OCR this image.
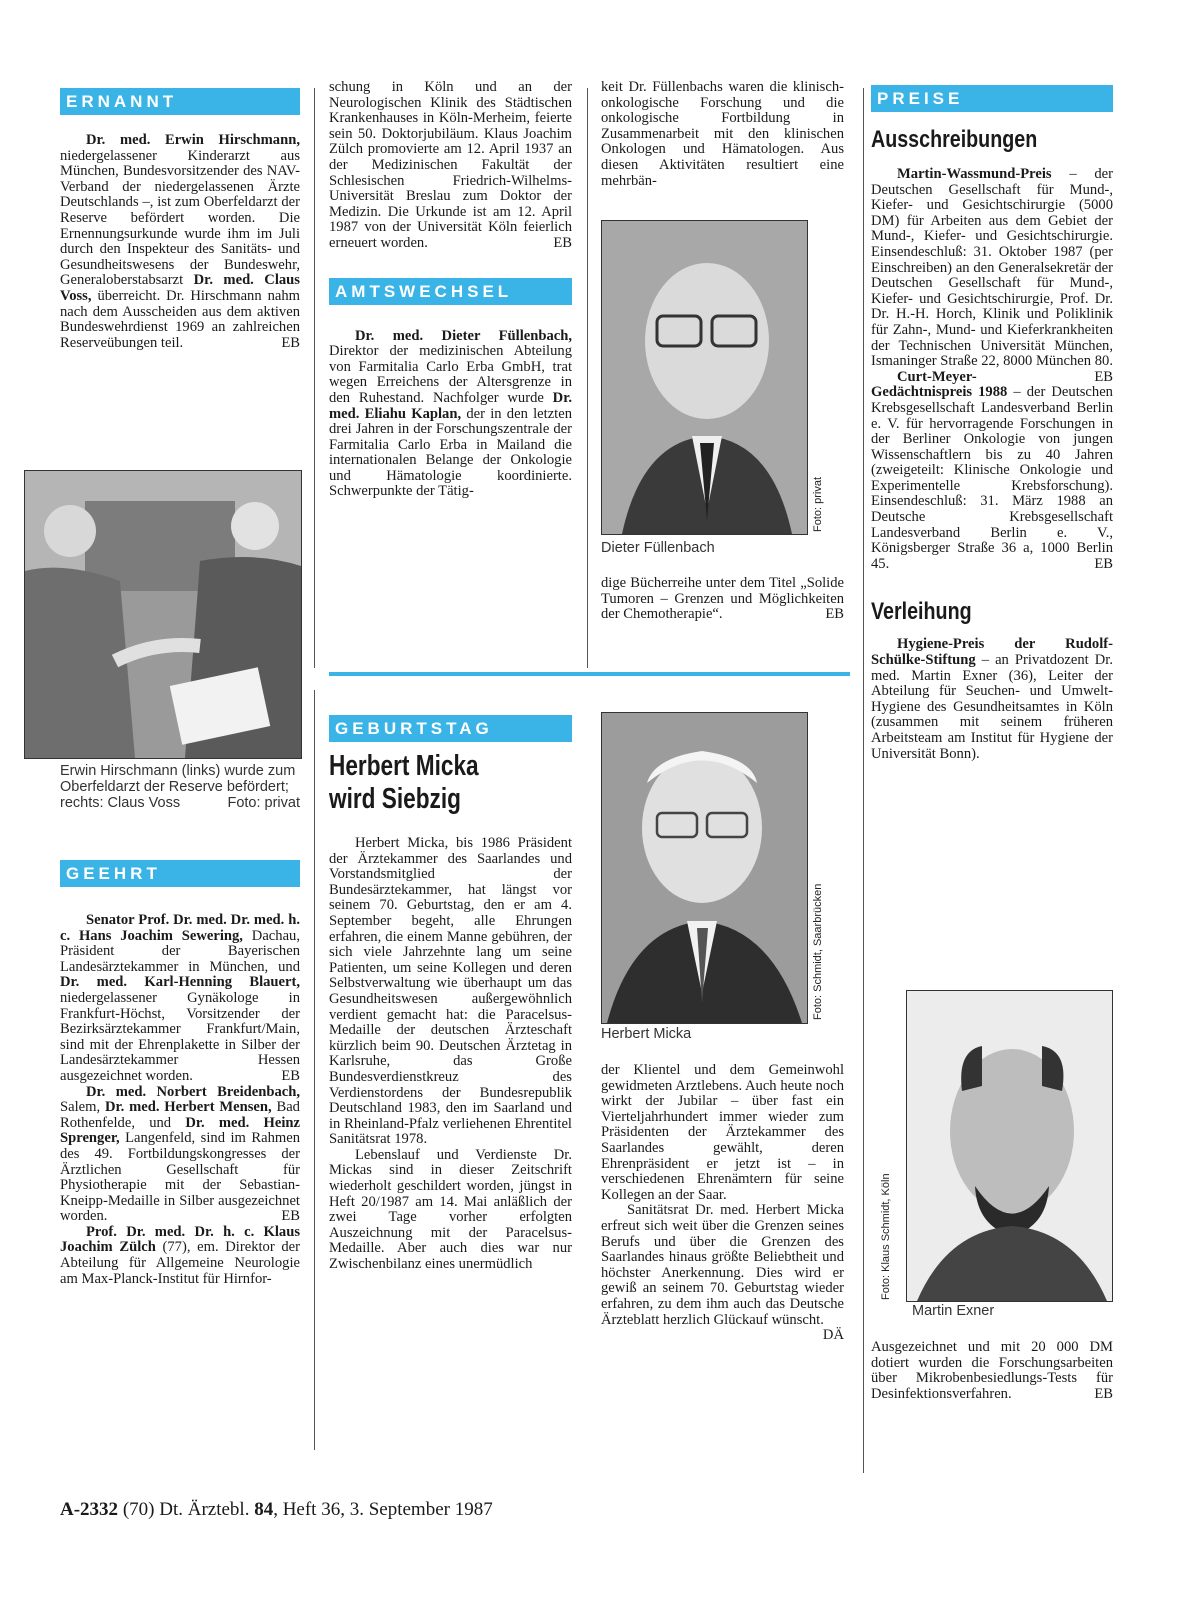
ERNANNT

Dr. med. Erwin Hirschmann, niedergelassener Kinderarzt aus München, Bundesvorsitzender des NAV-Verband der niedergelassenen Ärzte Deutschlands –, ist zum Oberfeldarzt der Reserve befördert worden. Die Ernennungsurkunde wurde ihm im Juli durch den Inspekteur des Sanitäts- und Gesundheitswesens der Bundeswehr, Generaloberstabsarzt Dr. med. Claus Voss, überreicht. Dr. Hirschmann nahm nach dem Ausscheiden aus dem aktiven Bundeswehrdienst 1969 an zahlreichen Reserveübungen teil.	EB

Erwin Hirschmann (links) wurde zum Oberfeldarzt der Reserve befördert; rechts: Claus Voss	Foto: privat
GEEHRT

Senator Prof. Dr. med. Dr. med. h. c. Hans Joachim Sewering, Dachau, Präsident der Bayerischen Landesärztekammer in München, und Dr. med. Karl-Henning Blauert, niedergelassener Gynäkologe in Frankfurt-Höchst, Vorsitzender der Bezirksärztekammer Frankfurt/Main, sind mit der Ehrenplakette in Silber der Landesärztekammer Hessen ausgezeichnet worden.	EB

Dr. med. Norbert Breidenbach, Salem, Dr. med. Herbert Mensen, Bad Rothenfelde, und Dr. med. Heinz Sprenger, Langenfeld, sind im Rahmen des 49. Fortbildungskongresses der Ärztlichen Gesellschaft für Physiotherapie mit der Sebastian-Kneipp-Medaille in Silber ausgezeichnet worden.	EB

Prof. Dr. med. Dr. h. c. Klaus Joachim Zülch (77), em. Direktor der Abteilung für Allgemeine Neurologie am Max-Planck-Institut für Hirnfor-

schung in Köln und an der Neurologischen Klinik des Städtischen Krankenhauses in Köln-Merheim, feierte sein 50. Doktorjubiläum. Klaus Joachim Zülch promovierte am 12. April 1937 an der Medizinischen Fakultät der Schlesischen Friedrich-Wilhelms-Universität Breslau zum Doktor der Medizin. Die Urkunde ist am 12. April 1987 von der Universität Köln feierlich erneuert worden.	EB

AMTSWECHSEL

Dr. med. Dieter Füllenbach, Direktor der medizinischen Abteilung von Farmitalia Carlo Erba GmbH, trat wegen Erreichens der Altersgrenze in den Ruhestand. Nachfolger wurde Dr. med. Eliahu Kaplan, der in den letzten drei Jahren in der Forschungszentrale der Farmitalia Carlo Erba in Mailand die internationalen Belange der Onkologie und Hämatologie koordinierte. Schwerpunkte der Tätig-

keit Dr. Füllenbachs waren die klinisch-onkologische Forschung und die onkologische Fortbildung in Zusammenarbeit mit den klinischen Onkologen und Hämatologen. Aus diesen Aktivitäten resultiert eine mehrbän-

Foto: privat
Dieter Füllenbach

dige Bücherreihe unter dem Titel „Solide Tumoren – Grenzen und Möglichkeiten der Chemotherapie“.	EB

GEBURTSTAG
Herbert Micka
wird Siebzig

Herbert Micka, bis 1986 Präsident der Ärztekammer des Saarlandes und Vorstandsmitglied der Bundesärztekammer, hat längst vor seinem 70. Geburtstag, den er am 4. September begeht, alle Ehrungen erfahren, die einem Manne gebühren, der sich viele Jahrzehnte lang um seine Patienten, um seine Kollegen und deren Selbstverwaltung wie überhaupt um das Gesundheitswesen außergewöhnlich verdient gemacht hat: die Paracelsus-Medaille der deutschen Ärzteschaft kürzlich beim 90. Deutschen Ärztetag in Karlsruhe, das Große Bundesverdienstkreuz des Verdienstordens der Bundesrepublik Deutschland 1983, den im Saarland und in Rheinland-Pfalz verliehenen Ehrentitel Sanitätsrat 1978.

Lebenslauf und Verdienste Dr. Mickas sind in dieser Zeitschrift wiederholt geschildert worden, jüngst in Heft 20/1987 am 14. Mai anläßlich der zwei Tage vorher erfolgten Auszeichnung mit der Paracelsus-Medaille. Aber auch dies war nur Zwischenbilanz eines unermüdlich

Foto: Schmidt, Saarbrücken
Herbert Micka

der Klientel und dem Gemeinwohl gewidmeten Arztlebens. Auch heute noch wirkt der Jubilar – über fast ein Vierteljahrhundert immer wieder zum Präsidenten der Ärztekammer des Saarlandes gewählt, deren Ehrenpräsident er jetzt ist – in verschiedenen Ehrenämtern für seine Kollegen an der Saar.

Sanitätsrat Dr. med. Herbert Micka erfreut sich weit über die Grenzen seines Berufs und über die Grenzen des Saarlandes hinaus größte Beliebtheit und höchster Anerkennung. Dies wird er gewiß an seinem 70. Geburtstag wieder erfahren, zu dem ihm auch das Deutsche Ärzteblatt herzlich Glückauf wünscht.
DÄ

PREISE
Ausschreibungen

Martin-Wassmund-Preis – der Deutschen Gesellschaft für Mund-, Kiefer- und Gesichtschirurgie (5000 DM) für Arbeiten aus dem Gebiet der Mund-, Kiefer- und Gesichtschirurgie. Einsendeschluß: 31. Oktober 1987 (per Einschreiben) an den Generalsekretär der Deutschen Gesellschaft für Mund-, Kiefer- und Gesichtschirurgie, Prof. Dr. Dr. H.-H. Horch, Klinik und Poliklinik für Zahn-, Mund- und Kieferkrankheiten der Technischen Universität München, Ismaninger Straße 22, 8000 München 80.
EB

Curt-Meyer-Gedächtnispreis 1988 – der Deutschen Krebsgesellschaft Landesverband Berlin e. V. für hervorragende Forschungen in der Berliner Onkologie von jungen Wissenschaftlern bis zu 40 Jahren (zweigeteilt: Klinische Onkologie und Experimentelle Krebsforschung). Einsendeschluß: 31. März 1988 an Deutsche Krebsgesellschaft Landesverband Berlin e. V., Königsberger Straße 36 a, 1000 Berlin 45.	EB

Verleihung

Hygiene-Preis der Rudolf-Schülke-Stiftung – an Privatdozent Dr. med. Martin Exner (36), Leiter der Abteilung für Seuchen- und Umwelt-Hygiene des Gesundheitsamtes in Köln (zusammen mit seinem früheren Arbeitsteam am Institut für Hygiene der Universität Bonn).

Foto: Klaus Schmidt, Köln
Martin Exner

Ausgezeichnet und mit 20 000 DM dotiert wurden die Forschungsarbeiten über Mikrobenbesiedlungs-Tests für Desinfektionsverfahren.	EB

A-2332 (70) Dt. Ärztebl. 84, Heft 36, 3. September 1987
